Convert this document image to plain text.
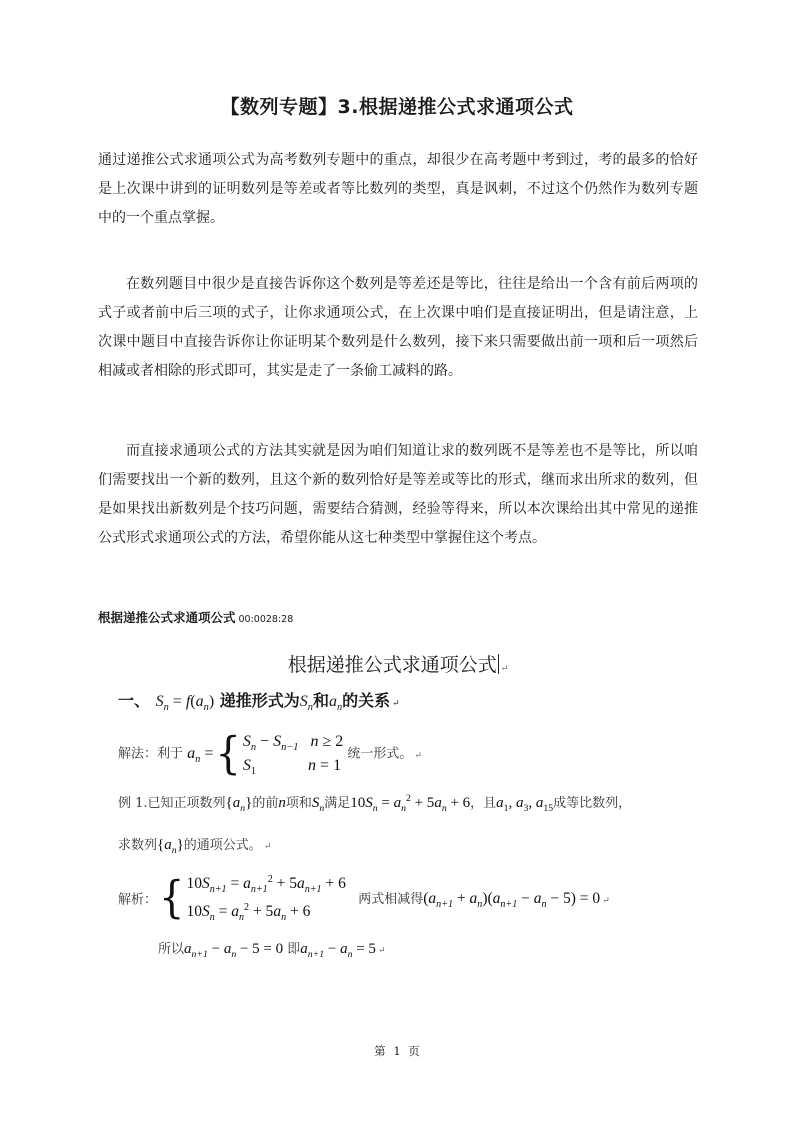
【数列专题】3.根据递推公式求通项公式

通过递推公式求通项公式为高考数列专题中的重点，却很少在高考题中考到过，考的最多的恰好是上次课中讲到的证明数列是等差或者等比数列的类型，真是讽刺，不过这个仍然作为数列专题中的一个重点掌握。

在数列题目中很少是直接告诉你这个数列是等差还是等比，往往是给出一个含有前后两项的式子或者前中后三项的式子，让你求通项公式，在上次课中咱们是直接证明出，但是请注意，上次课中题目中直接告诉你让你证明某个数列是什么数列，接下来只需要做出前一项和后一项然后相减或者相除的形式即可，其实是走了一条偷工减料的路。

而直接求通项公式的方法其实就是因为咱们知道让求的数列既不是等差也不是等比，所以咱们需要找出一个新的数列，且这个新的数列恰好是等差或等比的形式，继而求出所求的数列，但是如果找出新数列是个技巧问题，需要结合猜测，经验等得来，所以本次课给出其中常见的递推公式形式求通项公式的方法，希望你能从这七种类型中掌握住这个考点。

根据递推公式求通项公式 00:0028:28
根据递推公式求通项公式 ↵
一、 $S_n = f(a_n)$ 递推形式为$S_n$和$a_n$的关系 ↵
解法：利于 $a_n$ ={ $S_n - S_{n-1}$   n ≥ 2
$S_1$             n = 1
统一形式。 ↵
例 1.已知正项数列$\{a_n\}$的前n项和$S_n$满足$10S_n = a_n^2 + 5a_n + 6$，且$a_1$, $a_3$, $a_{15}$成等比数列，
求数列$\{a_n\}$的通项公式。 ↵
解析：{ $10S_{n+1} = a_{n+1}^2 + 5a_{n+1} + 6$
$10S_n = a_n^2 + 5a_n + 6$
两式相减得$(a_{n+1} + a_n)(a_{n+1} - a_n - 5) = 0$ ↵
所以$a_{n+1} - a_n - 5 = 0$ 即$a_{n+1} - a_n = 5$ ↵
第 1 页
